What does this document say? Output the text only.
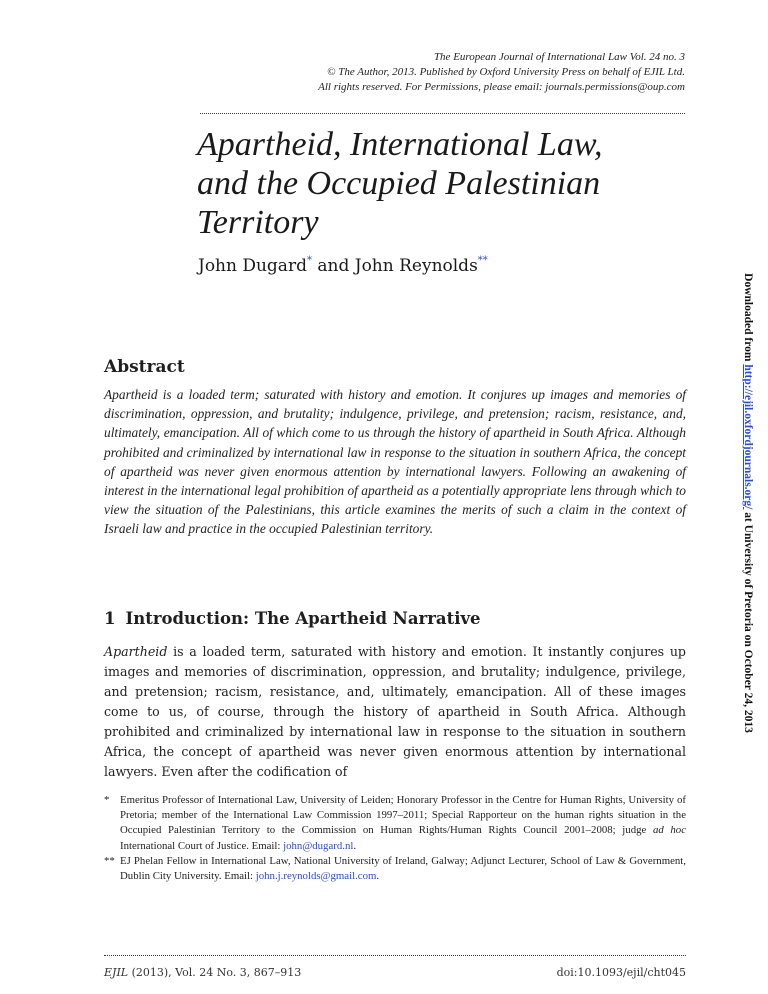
The European Journal of International Law Vol. 24 no. 3
© The Author, 2013. Published by Oxford University Press on behalf of EJIL Ltd.
All rights reserved. For Permissions, please email: journals.permissions@oup.com
Apartheid, International Law,
and the Occupied Palestinian
Territory
John Dugard* and John Reynolds**
Abstract
Apartheid is a loaded term; saturated with history and emotion. It conjures up images and memories of discrimination, oppression, and brutality; indulgence, privilege, and pretension; racism, resistance, and, ultimately, emancipation. All of which come to us through the history of apartheid in South Africa. Although prohibited and criminalized by international law in response to the situation in southern Africa, the concept of apartheid was never given enormous attention by international lawyers. Following an awakening of interest in the international legal prohibition of apartheid as a potentially appropriate lens through which to view the situation of the Palestinians, this article examines the merits of such a claim in the context of Israeli law and practice in the occupied Palestinian territory.
1 Introduction: The Apartheid Narrative
Apartheid is a loaded term, saturated with history and emotion. It instantly conjures up images and memories of discrimination, oppression, and brutality; indulgence, privilege, and pretension; racism, resistance, and, ultimately, emancipation. All of these images come to us, of course, through the history of apartheid in South Africa. Although prohibited and criminalized by international law in response to the situation in southern Africa, the concept of apartheid was never given enormous attention by international lawyers. Even after the codification of
* Emeritus Professor of International Law, University of Leiden; Honorary Professor in the Centre for Human Rights, University of Pretoria; member of the International Law Commission 1997–2011; Special Rapporteur on the human rights situation in the Occupied Palestinian Territory to the Commission on Human Rights/Human Rights Council 2001–2008; judge ad hoc International Court of Justice. Email: john@dugard.nl.
** EJ Phelan Fellow in International Law, National University of Ireland, Galway; Adjunct Lecturer, School of Law & Government, Dublin City University. Email: john.j.reynolds@gmail.com.
EJIL (2013), Vol. 24 No. 3, 867–913	doi:10.1093/ejil/cht045
Downloaded from http://ejil.oxfordjournals.org/ at University of Pretoria on October 24, 2013
